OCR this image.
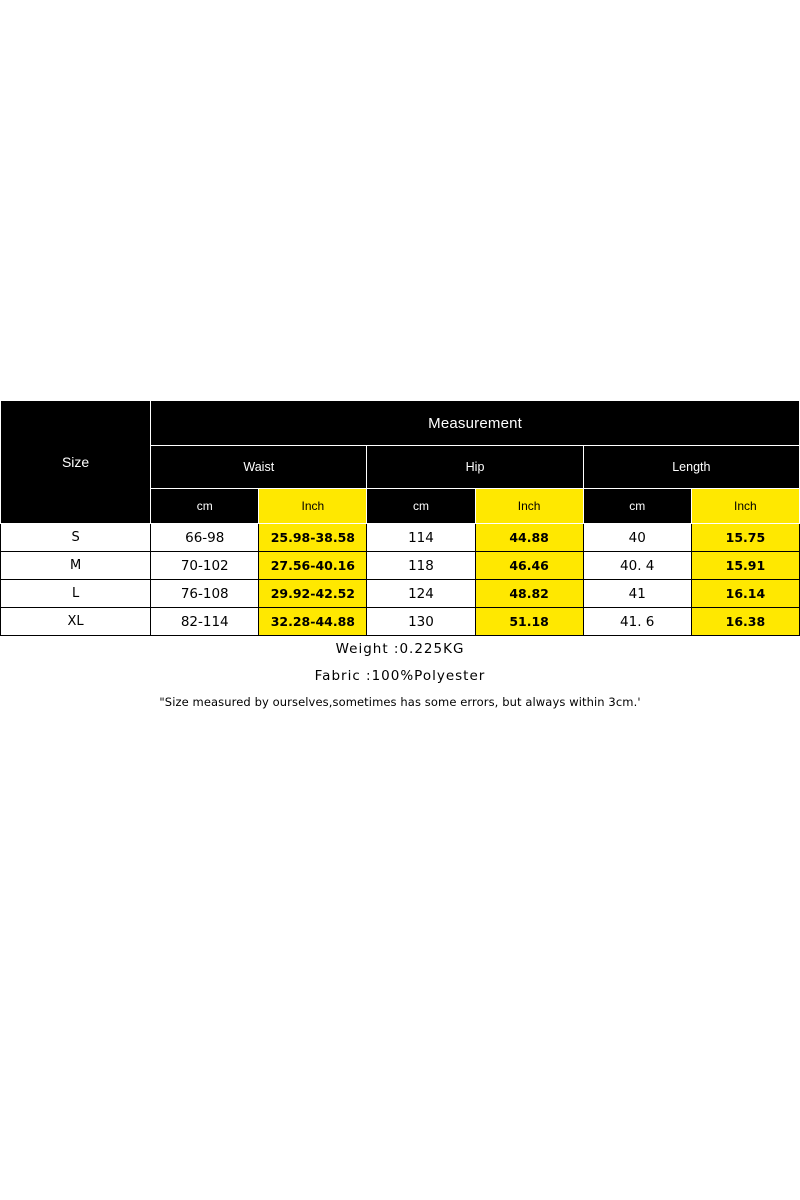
Size	Measurement					
	Waist		Hip		Length	
	cm	Inch	cm	Inch	cm	Inch
S	66-98	25.98-38.58	114	44.88	40	15.75
M	70-102	27.56-40.16	118	46.46	40. 4	15.91
L	76-108	29.92-42.52	124	48.82	41	16.14
XL	82-114	32.28-44.88	130	51.18	41. 6	16.38
Weight :0.225KG						
Fabric :100%Polyester						
"Size measured by ourselves,sometimes has some errors, but always within 3cm.'						
